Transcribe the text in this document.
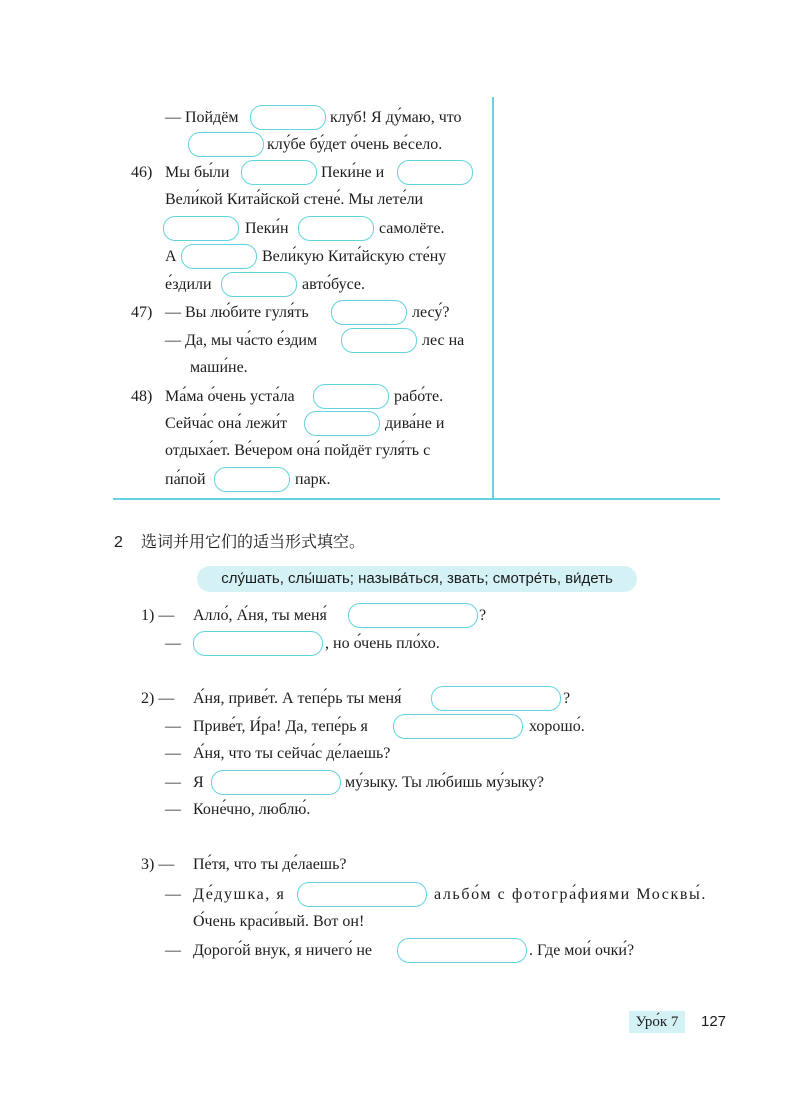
— Пойдём	клуб! Я ду́маю, что
клу́бе бу́дет о́чень ве́село.
46) Мы бы́ли	Пеки́не и
Вели́кой Кита́йской стене́. Мы лете́ли
Пеки́н	самолёте.
А	Вели́кую Кита́йскую сте́ну
е́здили	авто́бусе.
47) — Вы лю́бите гуля́ть	лесу́?
— Да, мы ча́сто е́здим	лес на
маши́не.
48) Ма́ма о́чень уста́ла	рабо́те.
Сейча́с она́ лежи́т	дива́не и
отдыха́ет. Ве́чером она́ пойдёт гуля́ть с
па́пой	парк.
2 选词并用它们的适当形式填空。
слу́шать, слы́шать; называ́ться, звать; смотре́ть, ви́деть
1) — Алло́, А́ня, ты меня́	?
—	, но о́чень пло́хо.
2) — А́ня, приве́т. А тепе́рь ты меня́	?
— Приве́т, И́ра! Да, тепе́рь я	хорошо́.
— А́ня, что ты сейча́с де́лаешь?
— Я	му́зыку. Ты лю́бишь му́зыку?
— Коне́чно, люблю́.
3) — Пе́тя, что ты де́лаешь?
— Де́душка, я	альбо́м с фотогра́фиями Москвы́.
О́чень краси́вый. Вот он!
— Дорого́й внук, я ничего́ не	. Где мои́ очки́?
Уро́к 7	127
